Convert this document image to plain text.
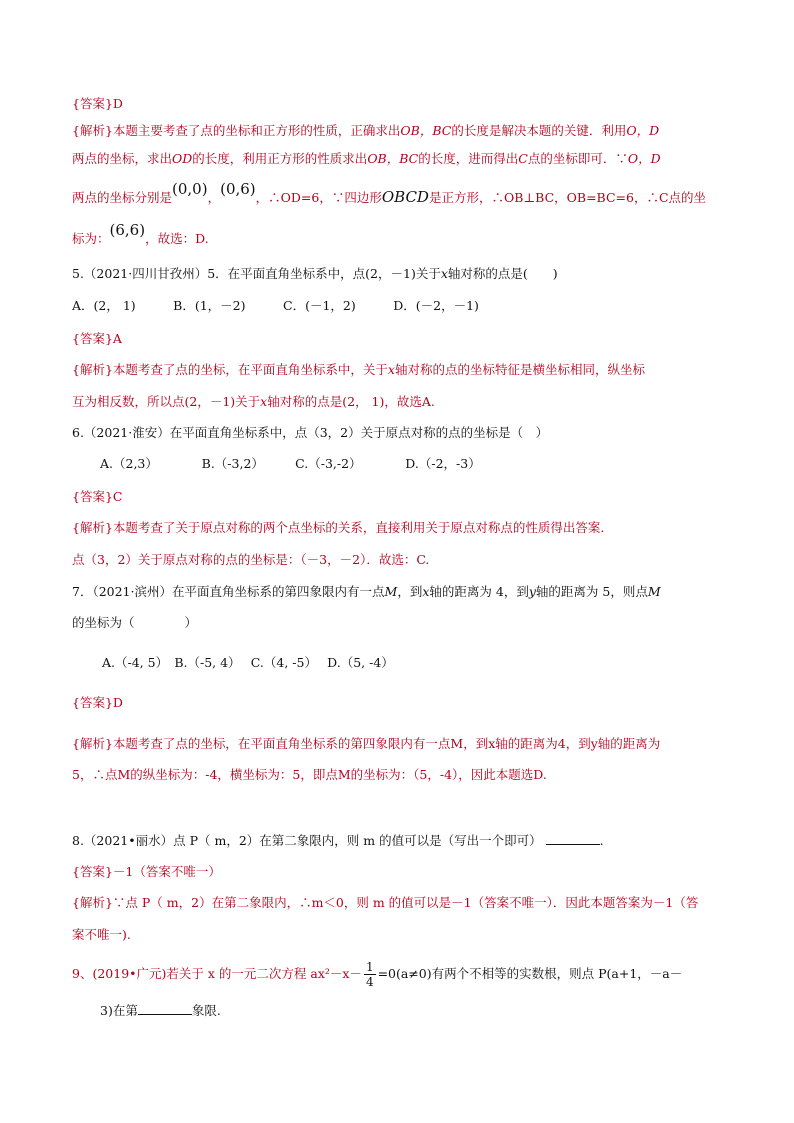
{答案}D
{解析}本题主要考查了点的坐标和正方形的性质，正确求出OB，BC的长度是解决本题的关键．利用O，D
两点的坐标，求出OD的长度，利用正方形的性质求出OB，BC的长度，进而得出C点的坐标即可．∵O，D
两点的坐标分别是(0,0)，(0,6)，∴OD=6，∵四边形OBCD是正方形，∴OB⊥BC，OB=BC=6，∴C点的坐
标为：(6,6)，故选：D.
5.（2021·四川甘孜州）5．在平面直角坐标系中，点(2，－1)关于x轴对称的点是(　　)
A．(2， 1)　　　B．(1，－2)　　　C．(－1，2)　　　D．(－2，－1)
{答案}A
{解析}本题考查了点的坐标，在平面直角坐标系中，关于x轴对称的点的坐标特征是横坐标相同，纵坐标
互为相反数，所以点(2，－1)关于x轴对称的点是(2， 1)，故选A.
6.（2021·淮安）在平面直角坐标系中，点（3，2）关于原点对称的点的坐标是（　）
A.（2,3）　　　　B.（-3,2）　　　C.（-3,-2）　　　　D.（-2，-3）
{答案}C
{解析}本题考查了关于原点对称的两个点坐标的关系，直接利用关于原点对称点的性质得出答案.
点（3，2）关于原点对称的点的坐标是：（－3，－2）．故选：C.
7．（2021·滨州）在平面直角坐标系的第四象限内有一点M，到x轴的距离为 4，到y轴的距离为 5，则点M
的坐标为（　　　　）
A.（-4, 5）　B.（-5, 4）　 C.（4, -5）　 D.（5, -4）
{答案}D
{解析}本题考查了点的坐标，在平面直角坐标系的第四象限内有一点M，到x轴的距离为4，到y轴的距离为
5，∴点M的纵坐标为：-4，横坐标为：5，即点M的坐标为：（5，-4），因此本题选D.
8.（2021•丽水）点 P（ m，2）在第二象限内，则 m 的值可以是（写出一个即可）	.
{答案}－1（答案不唯一）
{解析}∵点 P（ m，2）在第二象限内，∴m＜0，则 m 的值可以是－1（答案不唯一）．因此本题答案为－1（答
案不唯一).
9、(2019•广元)若关于 x 的一元二次方程 $ax^2-x- \frac{1}{4} =0(a\ne 0)$有两个不相等的实数根，则点 P(a+1，－a－
3)在第	象限.
